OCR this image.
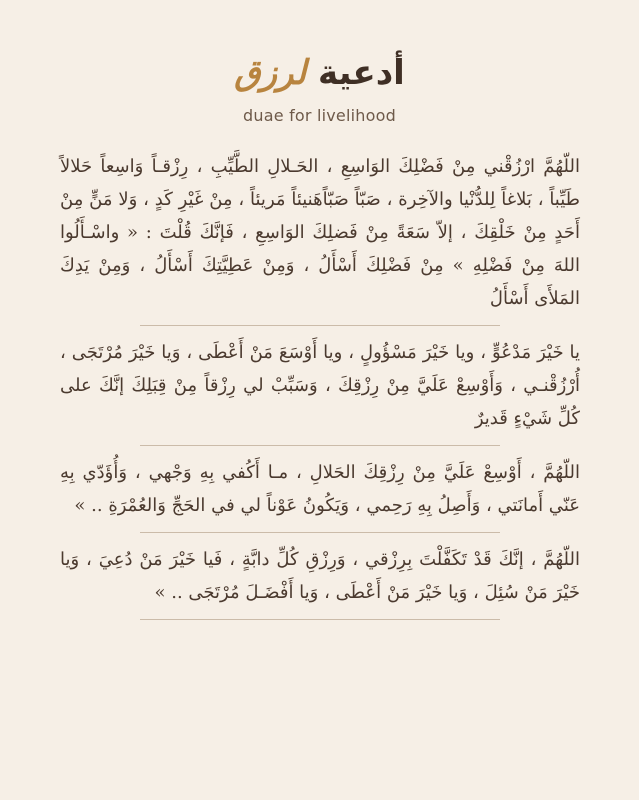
أدعية لرزق
duae for livelihood

اللّهُمَّ ارْزُقْني مِنْ فَضْلِكَ الوَاسِعِ ، الحَـلالِ الطَّيِّبِ ، رِزْقـاً وَاسِعاً حَلالاً طَيِّباً ، بَلاغاً لِلدُّنْيا والآخِرة ، صَبّاً صَبّاًهَنيئاً مَريئاً ، مِنْ غَيْرِ كَدٍ ، وَلا مَنٍّ مِنْ أَحَدٍ مِنْ خَلْقِكَ ، إلاّ سَعَةً مِنْ فَضلِكَ الوَاسِعِ ، فَإنَّكَ قُلْتَ : « واسْـأَلُوا اللهَ مِنْ فَضْلِهِ » مِنْ فَضْلِكَ أَسْأَلُ ، وَمِنْ عَطِيَّتِكَ أَسْأَلُ ، وَمِنْ يَدِكَ المَلأَى أَسْأَلُ

يا خَيْرَ مَدْعُوٍّ ، ويا خَيْرَ مَسْؤُولٍ ، ويا أَوْسَعَ مَنْ أَعْطَى ، وَيا خَيْرَ مُرْتَجَى ، أُرْزُقْنـي ، وَأَوْسِعْ عَلَيَّ مِنْ رِزْقِكَ ، وَسَبِّبْ لي رِزْقاً مِنْ قِبَلِكَ إنَّكَ على كُلِّ شَيْءٍ قَديرٌ

اللّهُمَّ ، أَوْسِعْ عَلَيَّ مِنْ رِزْقِكَ الحَلالِ ، مـا أَكُفي بِهِ وَجْهي ، وَأُؤَدّي بِهِ عَنّي أَمانَتي ، وَأَصِلُ بِهِ رَحِمي ، وَيَكُونُ عَوْناً لي في الحَجِّ وَالعُمْرَةِ .. »

اللّهُمَّ ، إنَّكَ قَدْ تَكَفَّلْتَ بِرِزْقي ، وَرِزْقِ كُلِّ دابَّةٍ ، فَيا خَيْرَ مَنْ دُعِيَ ، وَيا خَيْرَ مَنْ سُئِلَ ، وَيا خَيْرَ مَنْ أَعْطَى ، وَيا أَفْضَـلَ مُرْتَجَى .. »
